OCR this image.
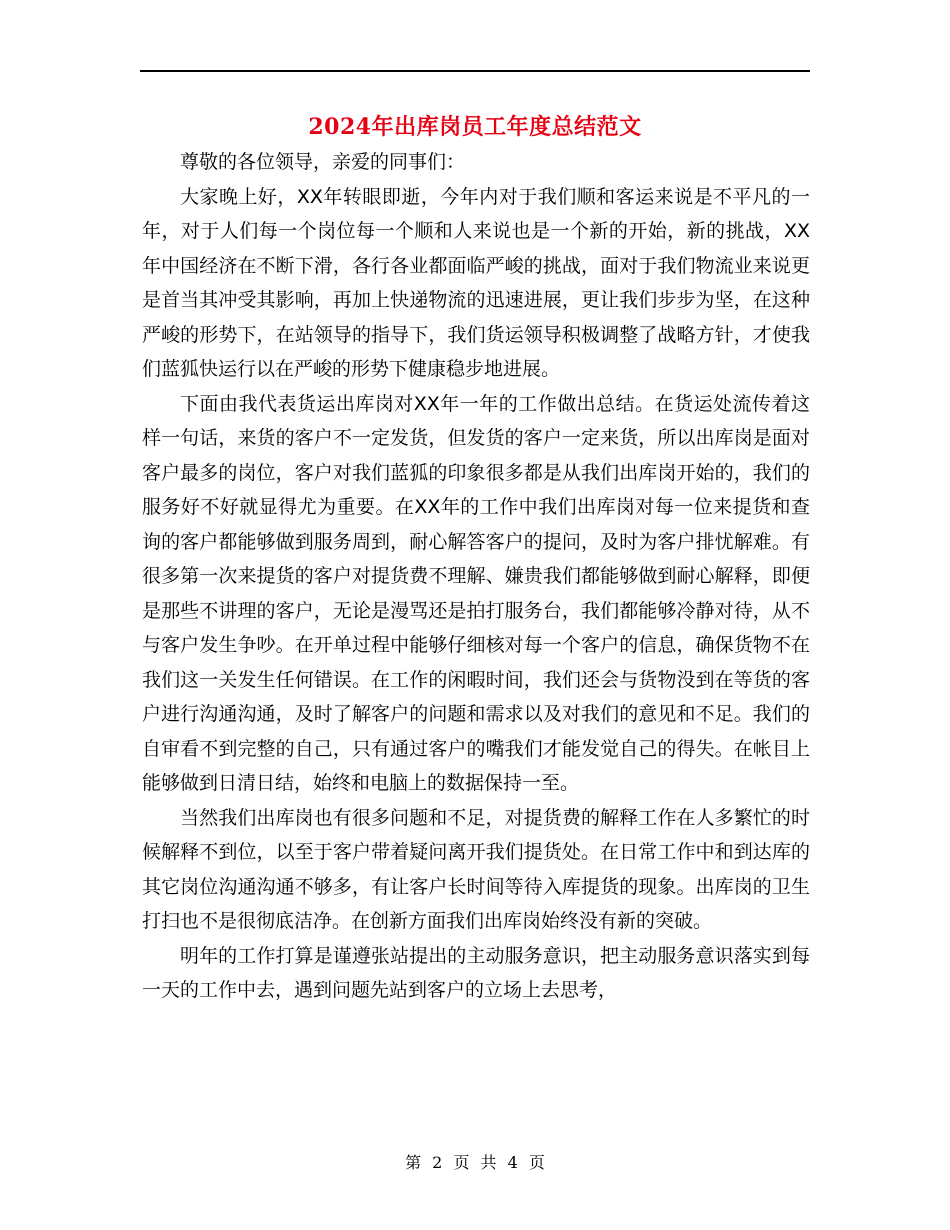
2024年出库岗员工年度总结范文

尊敬的各位领导，亲爱的同事们：

大家晚上好，XX年转眼即逝，今年内对于我们顺和客运来说是不平凡的一年，对于人们每一个岗位每一个顺和人来说也是一个新的开始，新的挑战，XX年中国经济在不断下滑，各行各业都面临严峻的挑战，面对于我们物流业来说更是首当其冲受其影响，再加上快递物流的迅速进展，更让我们步步为坚，在这种严峻的形势下，在站领导的指导下，我们货运领导积极调整了战略方针，才使我们蓝狐快运行以在严峻的形势下健康稳步地进展。

下面由我代表货运出库岗对XX年一年的工作做出总结。在货运处流传着这样一句话，来货的客户不一定发货，但发货的客户一定来货，所以出库岗是面对客户最多的岗位，客户对我们蓝狐的印象很多都是从我们出库岗开始的，我们的服务好不好就显得尤为重要。在XX年的工作中我们出库岗对每一位来提货和查询的客户都能够做到服务周到，耐心解答客户的提问，及时为客户排忧解难。有很多第一次来提货的客户对提货费不理解、嫌贵我们都能够做到耐心解释，即便是那些不讲理的客户，无论是漫骂还是拍打服务台，我们都能够冷静对待，从不与客户发生争吵。在开单过程中能够仔细核对每一个客户的信息，确保货物不在我们这一关发生任何错误。在工作的闲暇时间，我们还会与货物没到在等货的客户进行沟通沟通，及时了解客户的问题和需求以及对我们的意见和不足。我们的自审看不到完整的自己，只有通过客户的嘴我们才能发觉自己的得失。在帐目上能够做到日清日结，始终和电脑上的数据保持一至。

当然我们出库岗也有很多问题和不足，对提货费的解释工作在人多繁忙的时候解释不到位，以至于客户带着疑问离开我们提货处。在日常工作中和到达库的其它岗位沟通沟通不够多，有让客户长时间等待入库提货的现象。出库岗的卫生打扫也不是很彻底洁净。在创新方面我们出库岗始终没有新的突破。

明年的工作打算是谨遵张站提出的主动服务意识，把主动服务意识落实到每一天的工作中去，遇到问题先站到客户的立场上去思考，

第 2 页 共 4 页
